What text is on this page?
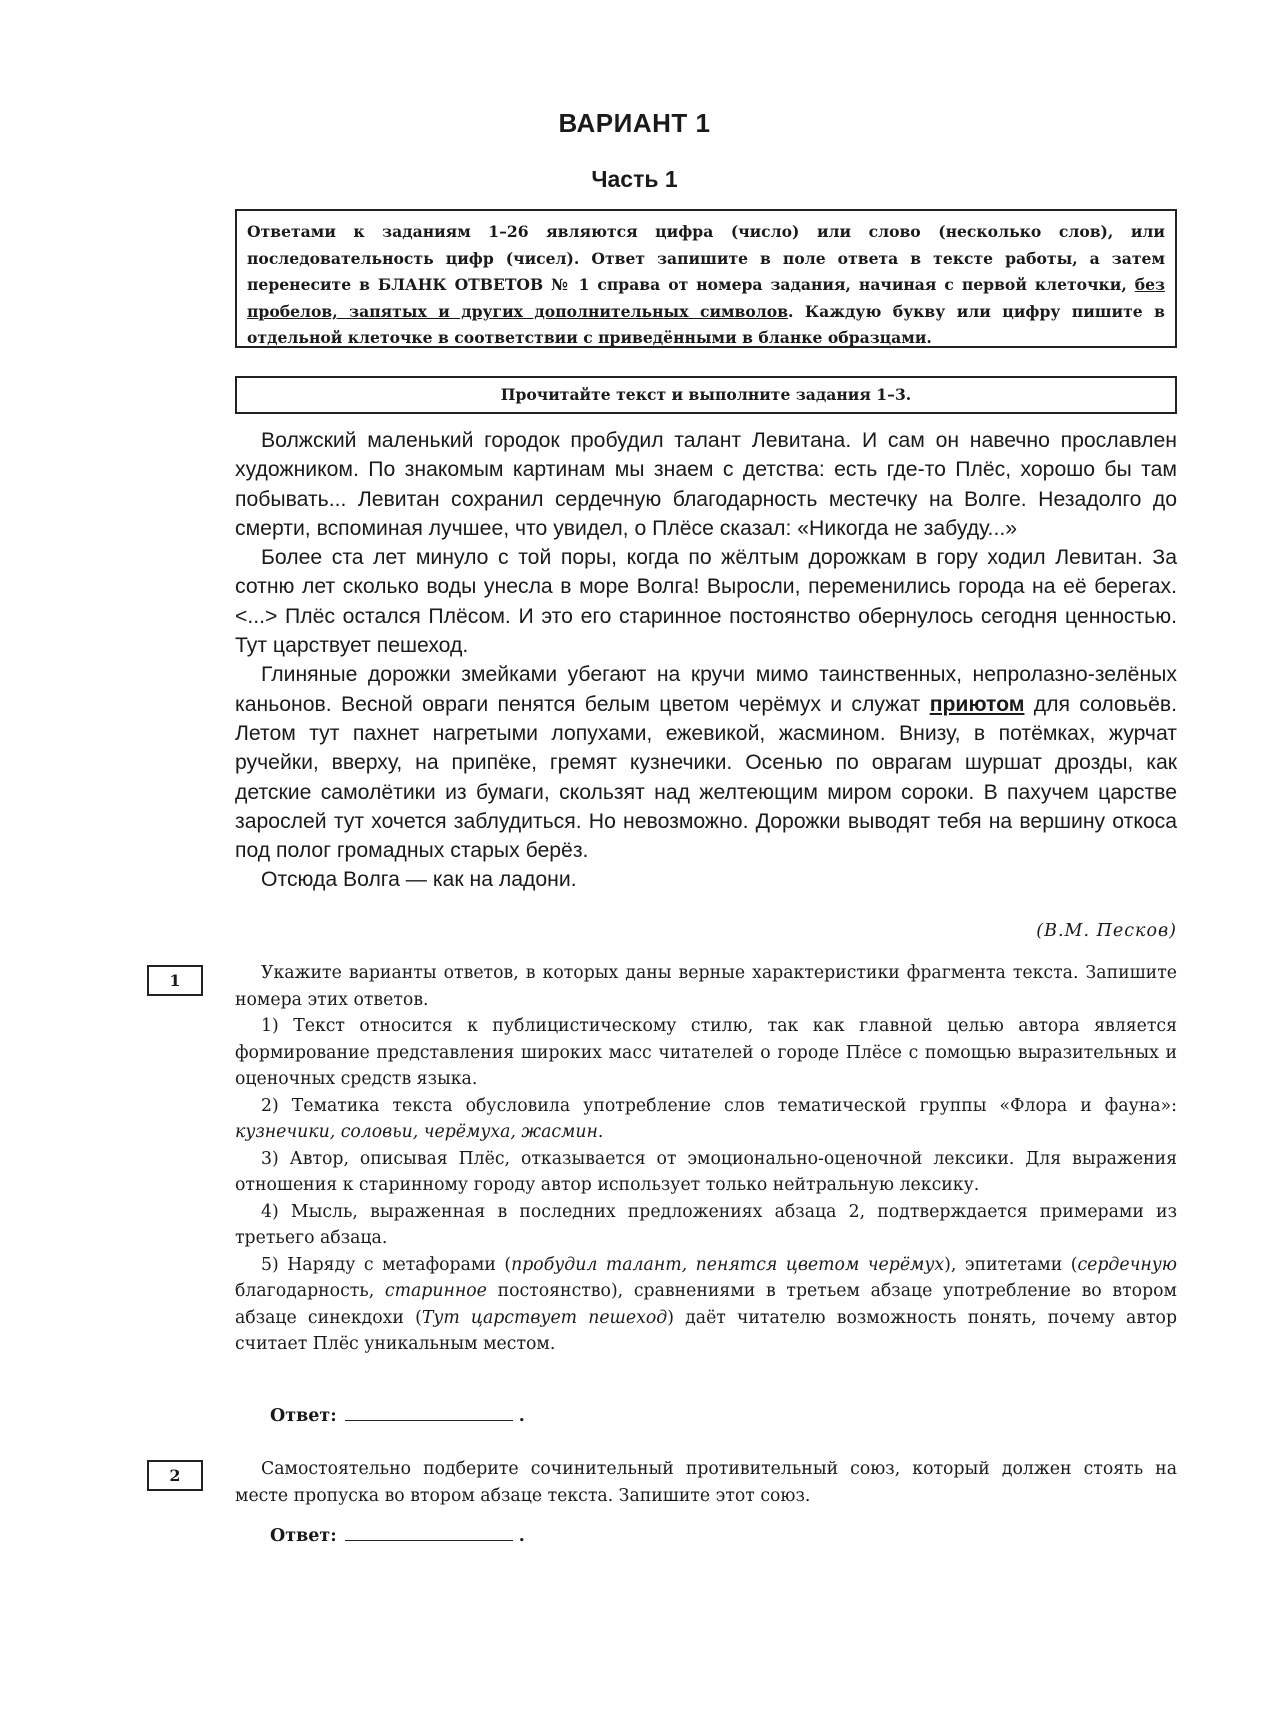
ВАРИАНТ 1
Часть 1
Ответами к заданиям 1–26 являются цифра (число) или слово (несколько слов), или последовательность цифр (чисел). Ответ запишите в поле ответа в тексте работы, а затем перенесите в БЛАНК ОТВЕТОВ № 1 справа от номера задания, начиная с первой клеточки, без пробелов, запятых и других дополнительных символов. Каждую букву или цифру пишите в отдельной клеточке в соответствии с приведёнными в бланке образцами.
Прочитайте текст и выполните задания 1–3.

Волжский маленький городок пробудил талант Левитана. И сам он навечно прославлен художником. По знакомым картинам мы знаем с детства: есть где-то Плёс, хорошо бы там побывать... Левитан сохранил сердечную благодарность местечку на Волге. Незадолго до смерти, вспоминая лучшее, что увидел, о Плёсе сказал: «Никогда не забуду...»

Более ста лет минуло с той поры, когда по жёлтым дорожкам в гору ходил Левитан. За сотню лет сколько воды унесла в море Волга! Выросли, переменились города на её берегах. <...> Плёс остался Плёсом. И это его старинное постоянство обернулось сегодня ценностью. Тут царствует пешеход.

Глиняные дорожки змейками убегают на кручи мимо таинственных, непролазно-зелёных каньонов. Весной овраги пенятся белым цветом черёмух и служат приютом для соловьёв. Летом тут пахнет нагретыми лопухами, ежевикой, жасмином. Внизу, в потёмках, журчат ручейки, вверху, на припёке, гремят кузнечики. Осенью по оврагам шуршат дрозды, как детские самолётики из бумаги, скользят над желтеющим миром сороки. В пахучем царстве зарослей тут хочется заблудиться. Но невозможно. Дорожки выводят тебя на вершину откоса под полог громадных старых берёз.

Отсюда Волга — как на ладони.

(В.М. Песков)
1	Укажите варианты ответов, в которых даны верные характеристики фрагмента текста. Запишите номера этих ответов.

1) Текст относится к публицистическому стилю, так как главной целью автора является формирование представления широких масс читателей о городе Плёсе с помощью выразительных и оценочных средств языка.

2) Тематика текста обусловила употребление слов тематической группы «Флора и фауна»: кузнечики, соловьи, черёмуха, жасмин.

3) Автор, описывая Плёс, отказывается от эмоционально-оценочной лексики. Для выражения отношения к старинному городу автор использует только нейтральную лексику.

4) Мысль, выраженная в последних предложениях абзаца 2, подтверждается примерами из третьего абзаца.

5) Наряду с метафорами (пробудил талант, пенятся цветом черёмух), эпитетами (сердечную благодарность, старинное постоянство), сравнениями в третьем абзаце употребление во втором абзаце синекдохи (Тут царствует пешеход) даёт читателю возможность понять, почему автор считает Плёс уникальным местом.

Ответ:	.
2	Самостоятельно подберите сочинительный противительный союз, который должен стоять на месте пропуска во втором абзаце текста. Запишите этот союз.

Ответ:	.
